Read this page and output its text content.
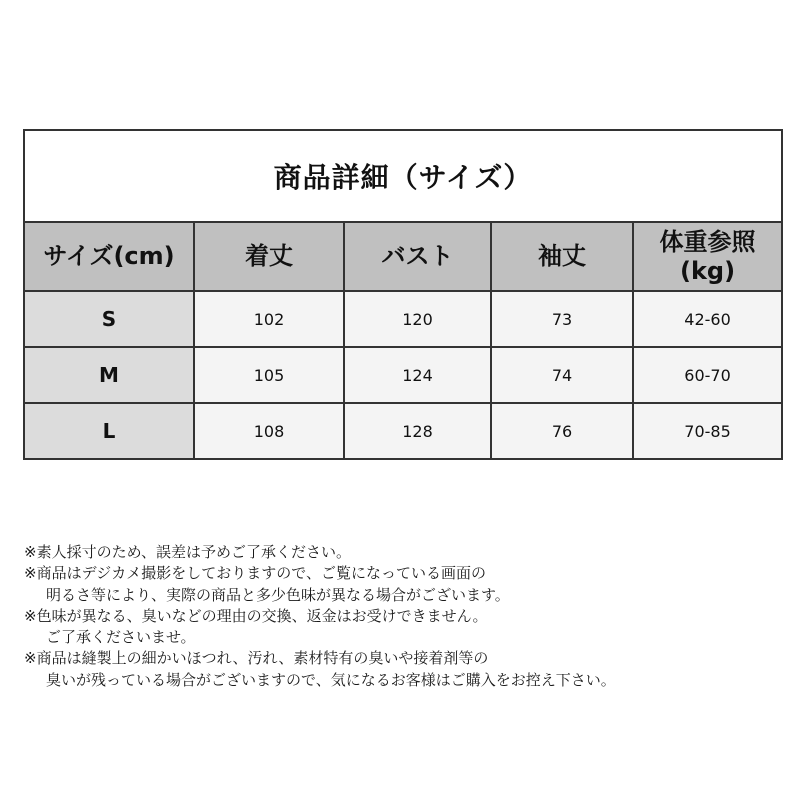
商品詳細（サイズ）				
サイズ(cm)	着丈	バスト	袖丈	体重参照
(kg)
S	102	120	73	42-60
M	105	124	74	60-70
L	108	128	76	70-85
※素人採寸のため、誤差は予めご了承ください。
※商品はデジカメ撮影をしておりますので、ご覧になっている画面の
明るさ等により、実際の商品と多少色味が異なる場合がございます。
※色味が異なる、臭いなどの理由の交換、返金はお受けできません。
ご了承くださいませ。
※商品は縫製上の細かいほつれ、汚れ、素材特有の臭いや接着剤等の
臭いが残っている場合がございますので、気になるお客様はご購入をお控え下さい。
